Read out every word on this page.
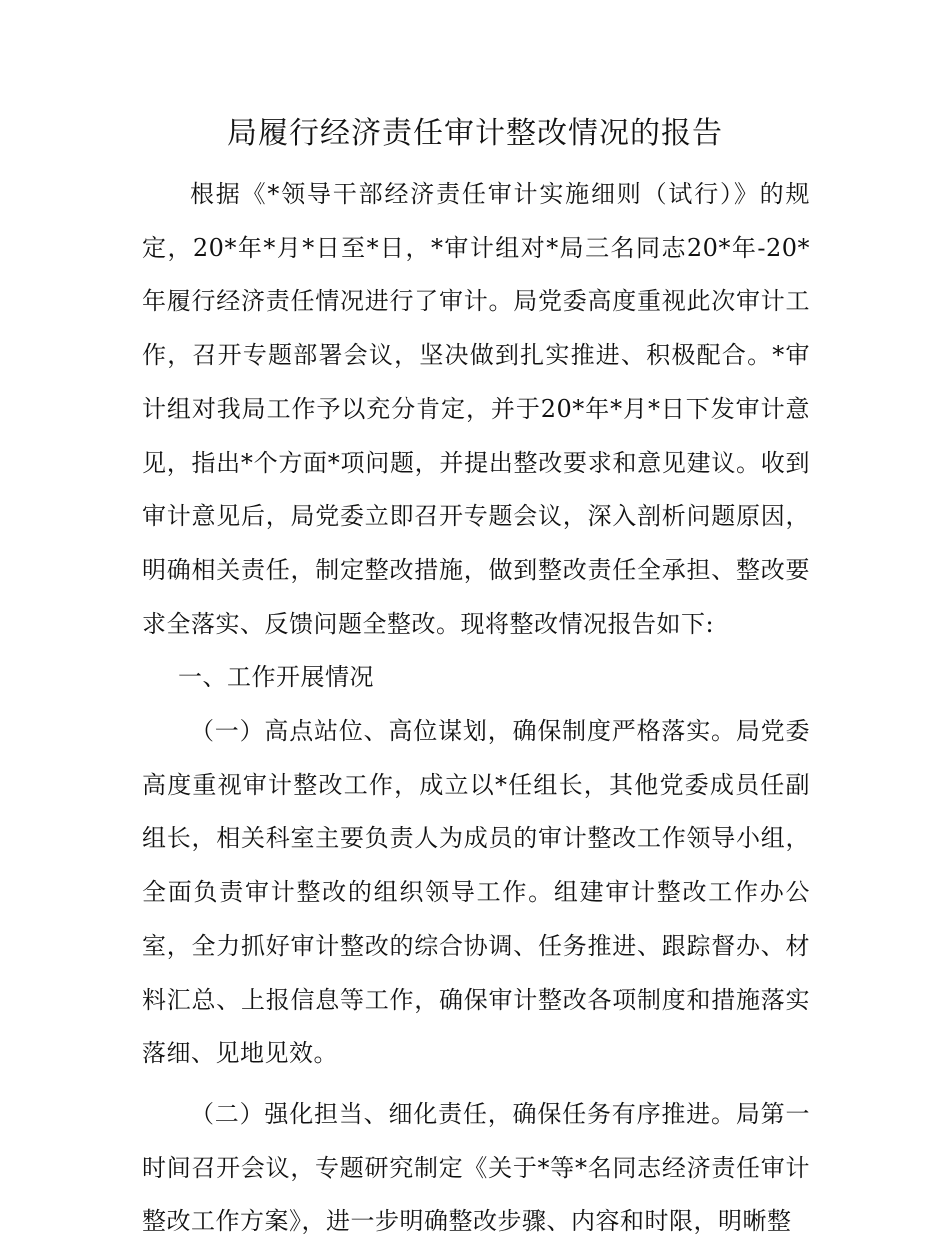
局履行经济责任审计整改情况的报告

根据《*领导干部经济责任审计实施细则（试行）》的规定，20*年*月*日至*日，*审计组对*局三名同志20*年-20*年履行经济责任情况进行了审计。局党委高度重视此次审计工作，召开专题部署会议，坚决做到扎实推进、积极配合。*审计组对我局工作予以充分肯定，并于20*年*月*日下发审计意见，指出*个方面*项问题，并提出整改要求和意见建议。收到审计意见后，局党委立即召开专题会议，深入剖析问题原因，明确相关责任，制定整改措施，做到整改责任全承担、整改要求全落实、反馈问题全整改。现将整改情况报告如下:

一、工作开展情况

（一）高点站位、高位谋划，确保制度严格落实。局党委高度重视审计整改工作，成立以*任组长，其他党委成员任副组长，相关科室主要负责人为成员的审计整改工作领导小组，全面负责审计整改的组织领导工作。组建审计整改工作办公室，全力抓好审计整改的综合协调、任务推进、跟踪督办、材料汇总、上报信息等工作，确保审计整改各项制度和措施落实落细、见地见效。

（二）强化担当、细化责任，确保任务有序推进。局第一时间召开会议，专题研究制定《关于*等*名同志经济责任审计整改工作方案》，进一步明确整改步骤、内容和时限，明晰整
